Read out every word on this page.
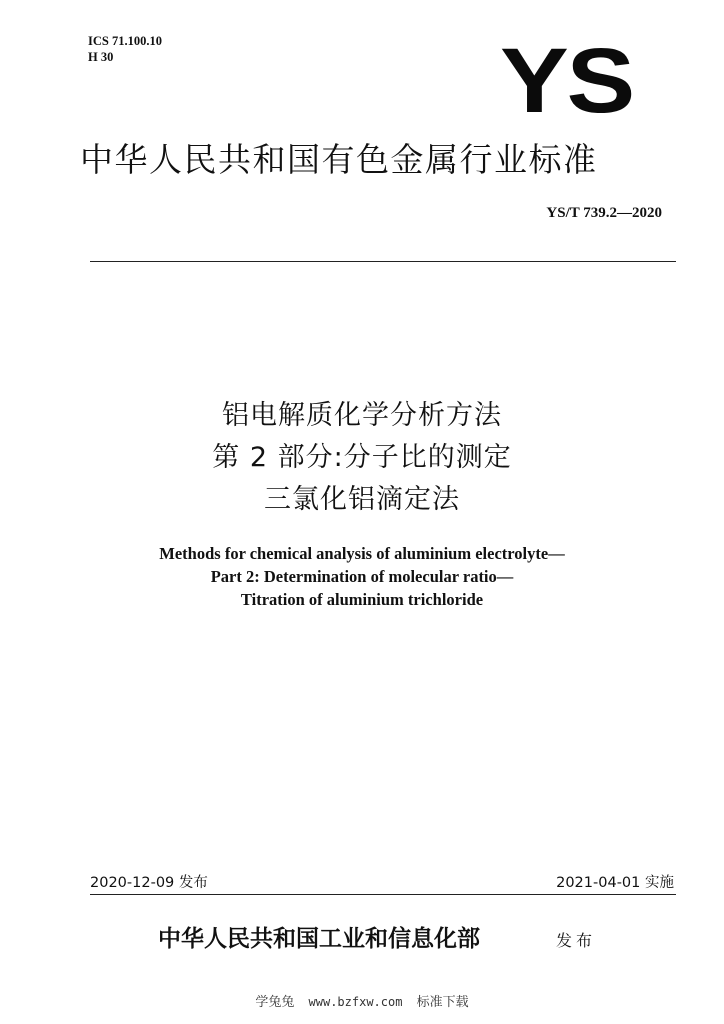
ICS 71.100.10
H 30	YS
中华人民共和国有色金属行业标准
YS/T 739.2—2020
铝电解质化学分析方法
第 2 部分:分子比的测定
三氯化铝滴定法
Methods for chemical analysis of aluminium electrolyte—
Part 2: Determination of molecular ratio—
Titration of aluminium trichloride
2020-12-09 发布	2021-04-01 实施
中华人民共和国工业和信息化部	发布
学兔兔 www.bzfxw.com 标准下载
